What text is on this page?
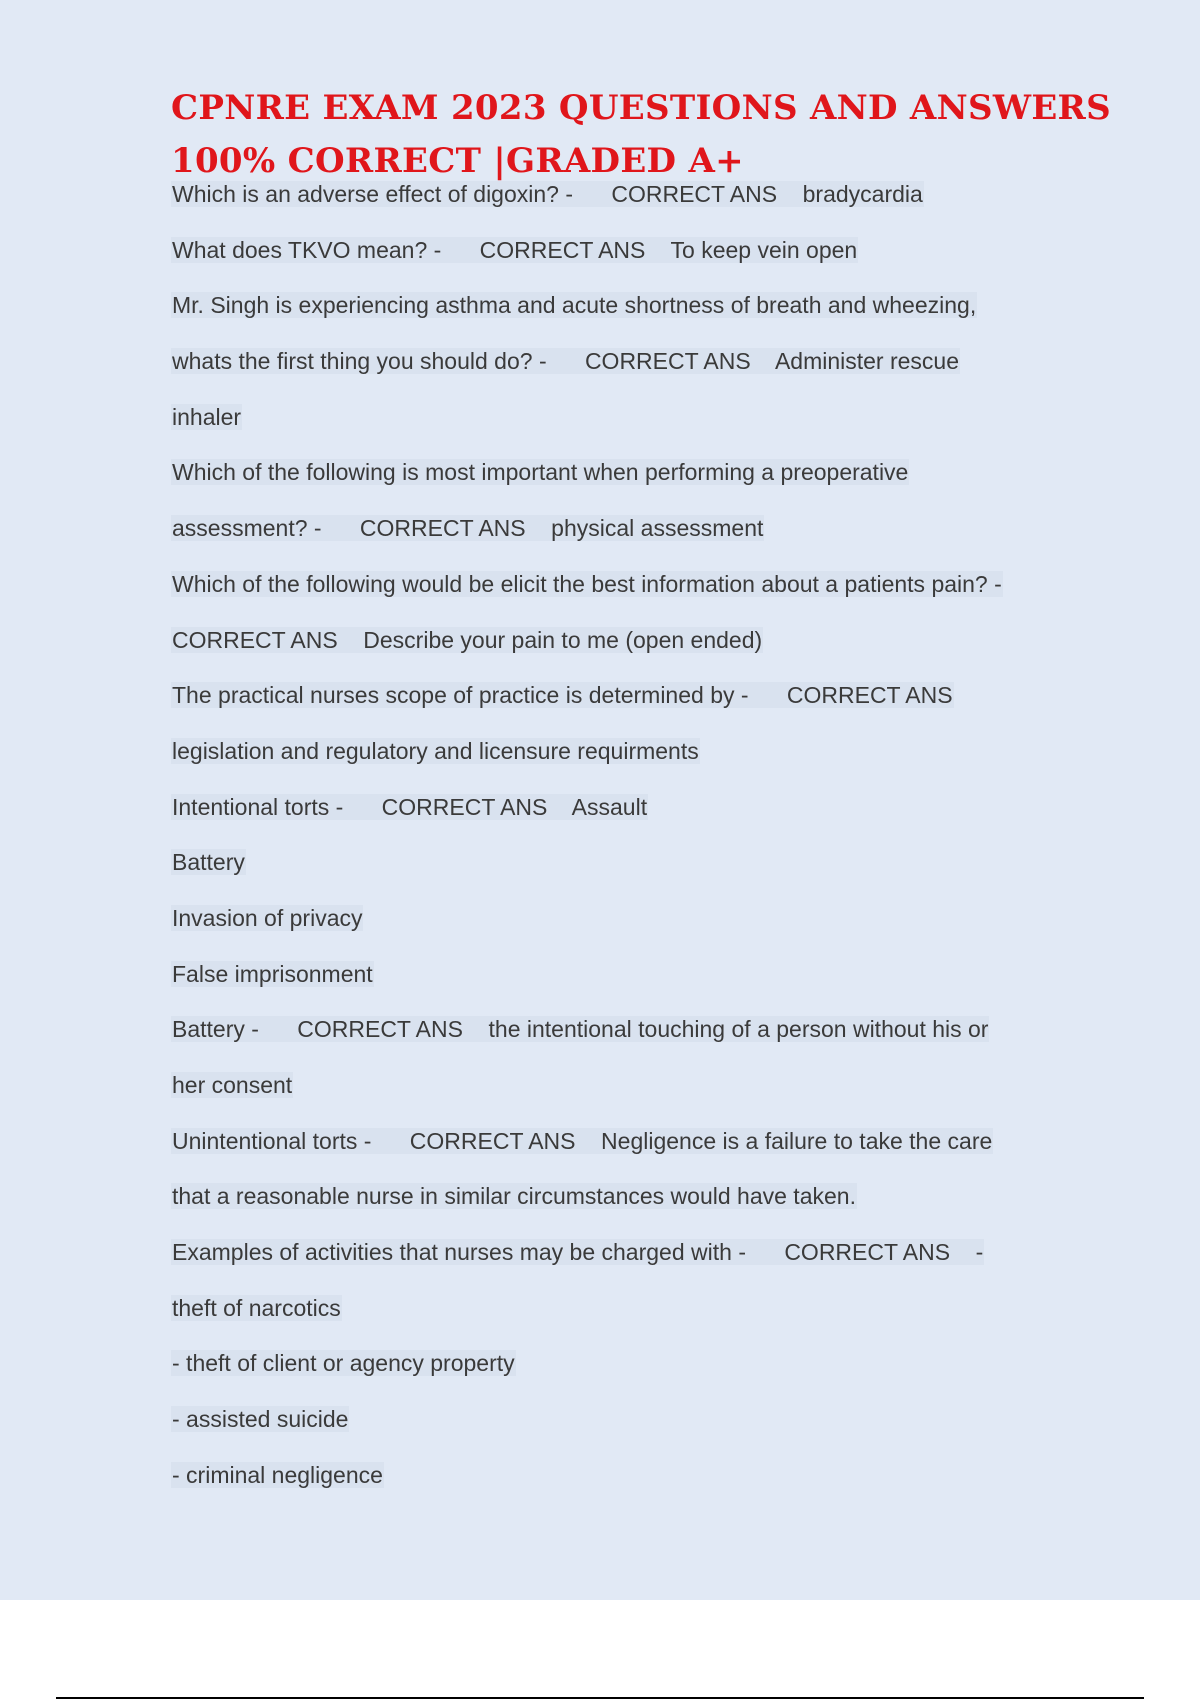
CPNRE EXAM 2023 QUESTIONS AND ANSWERS
100% CORRECT |GRADED A+
Which is an adverse effect of digoxin? -      CORRECT ANS    bradycardia
What does TKVO mean? -      CORRECT ANS    To keep vein open
Mr. Singh is experiencing asthma and acute shortness of breath and wheezing,
whats the first thing you should do? -      CORRECT ANS    Administer rescue
inhaler
Which of the following is most important when performing a preoperative
assessment? -      CORRECT ANS    physical assessment
Which of the following would be elicit the best information about a patients pain? -
CORRECT ANS    Describe your pain to me (open ended)
The practical nurses scope of practice is determined by -      CORRECT ANS
legislation and regulatory and licensure requirments
Intentional torts -      CORRECT ANS    Assault
Battery
Invasion of privacy
False imprisonment
Battery -      CORRECT ANS    the intentional touching of a person without his or
her consent
Unintentional torts -      CORRECT ANS    Negligence is a failure to take the care
that a reasonable nurse in similar circumstances would have taken.
Examples of activities that nurses may be charged with -      CORRECT ANS    -
theft of narcotics
- theft of client or agency property
- assisted suicide
- criminal negligence
